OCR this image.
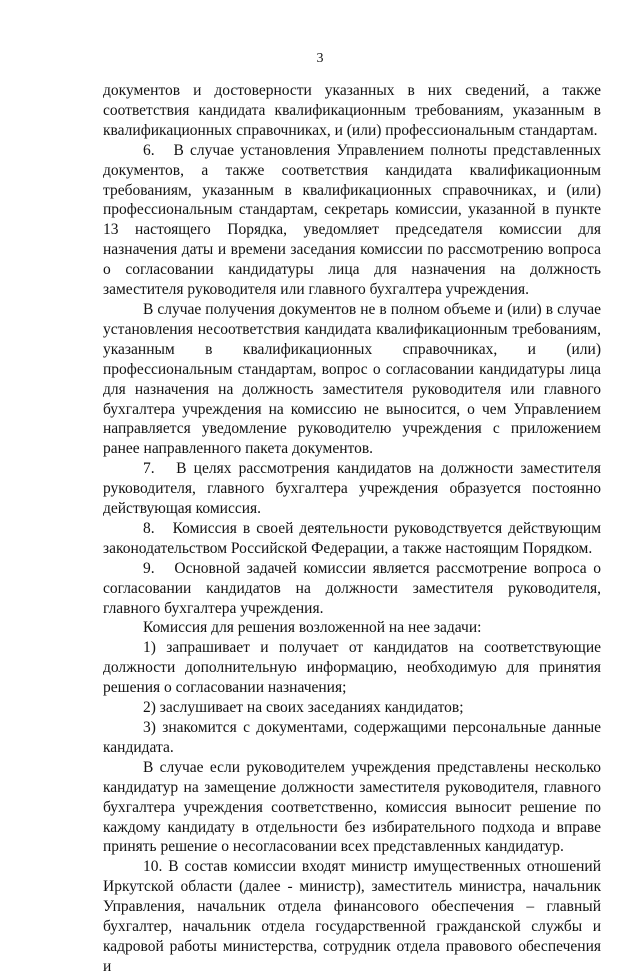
3

документов и достоверности указанных в них сведений, а также соответствия кандидата квалификационным требованиям, указанным в квалификационных справочниках, и (или) профессиональным стандартам.

6.   В случае установления Управлением полноты представленных документов, а также соответствия кандидата квалификационным требованиям, указанным в квалификационных справочниках, и (или) профессиональным стандартам, секретарь комиссии, указанной в пункте 13 настоящего Порядка, уведомляет председателя комиссии для назначения даты и времени заседания комиссии по рассмотрению вопроса о согласовании кандидатуры лица для назначения на должность заместителя руководителя или главного бухгалтера учреждения.

В случае получения документов не в полном объеме и (или) в случае установления несоответствия кандидата квалификационным требованиям, указанным в квалификационных справочниках, и (или) профессиональным стандартам, вопрос о согласовании кандидатуры лица для назначения на должность заместителя руководителя или главного бухгалтера учреждения на комиссию не выносится, о чем Управлением направляется уведомление руководителю учреждения с приложением ранее направленного пакета документов.

7.   В целях рассмотрения кандидатов на должности заместителя руководителя, главного бухгалтера учреждения образуется постоянно действующая комиссия.

8.   Комиссия в своей деятельности руководствуется действующим законодательством Российской Федерации, а также настоящим Порядком.

9.   Основной задачей комиссии является рассмотрение вопроса о согласовании кандидатов на должности заместителя руководителя, главного бухгалтера учреждения.

Комиссия для решения возложенной на нее задачи:

1) запрашивает и получает от кандидатов на соответствующие должности дополнительную информацию, необходимую для принятия решения о согласовании назначения;

2) заслушивает на своих заседаниях кандидатов;

3) знакомится с документами, содержащими персональные данные кандидата.

В случае если руководителем учреждения представлены несколько кандидатур на замещение должности заместителя руководителя, главного бухгалтера учреждения соответственно, комиссия выносит решение по каждому кандидату в отдельности без избирательного подхода и вправе принять решение о несогласовании всех представленных кандидатур.

10. В состав комиссии входят министр имущественных отношений Иркутской области (далее - министр), заместитель министра, начальник Управления, начальник отдела финансового обеспечения – главный бухгалтер, начальник отдела государственной гражданской службы и кадровой работы министерства, сотрудник отдела правового обеспечения и
